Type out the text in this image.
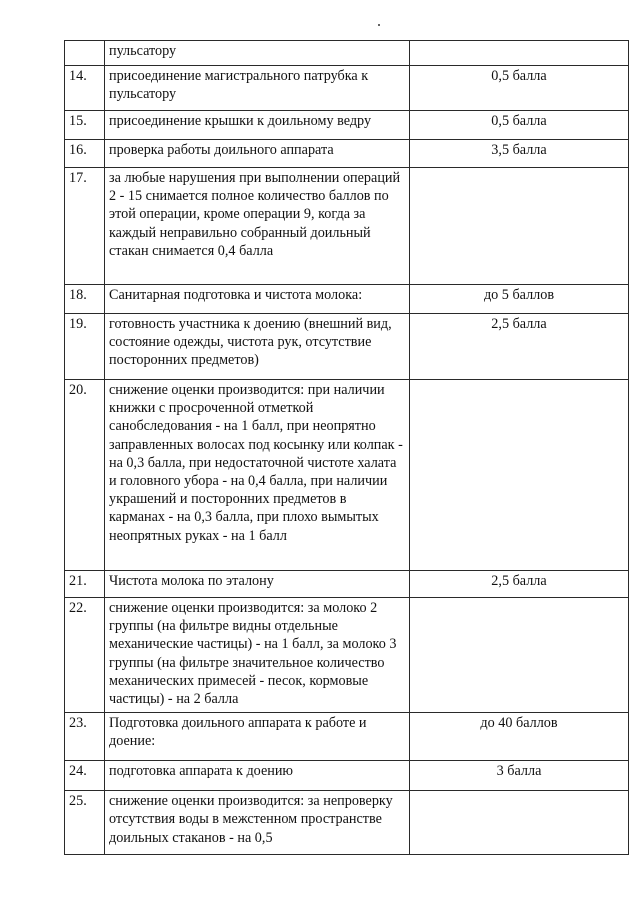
	пульсатору	
14.	присоединение магистрального патрубка к пульсатору	0,5 балла
15.	присоединение крышки к доильному ведру	0,5 балла
16.	проверка работы доильного аппарата	3,5 балла
17.	за любые нарушения при выполнении операций 2 - 15 снимается полное количество баллов по этой операции, кроме операции 9, когда за каждый неправильно собранный доильный стакан снимается 0,4 балла	
18.	Санитарная подготовка и чистота молока:	до 5 баллов
19.	готовность участника к доению (внешний вид, состояние одежды, чистота рук, отсутствие посторонних предметов)	2,5 балла
20.	снижение оценки производится: при наличии книжки с просроченной отметкой санобследования - на 1 балл, при неопрятно заправленных волосах под косынку или колпак - на 0,3 балла, при недостаточной чистоте халата и головного убора - на 0,4 балла, при наличии украшений и посторонних предметов в карманах - на 0,3 балла, при плохо вымытых неопрятных руках - на 1 балл	
21.	Чистота молока по эталону	2,5 балла
22.	снижение оценки производится: за молоко 2 группы (на фильтре видны отдельные механические частицы) - на 1 балл, за молоко 3 группы (на фильтре значительное количество механических примесей - песок, кормовые частицы) - на 2 балла	
23.	Подготовка доильного аппарата к работе и доение:	до 40 баллов
24.	подготовка аппарата к доению	3 балла
25.	снижение оценки производится: за непроверку отсутствия воды в межстенном пространстве доильных стаканов - на 0,5	
